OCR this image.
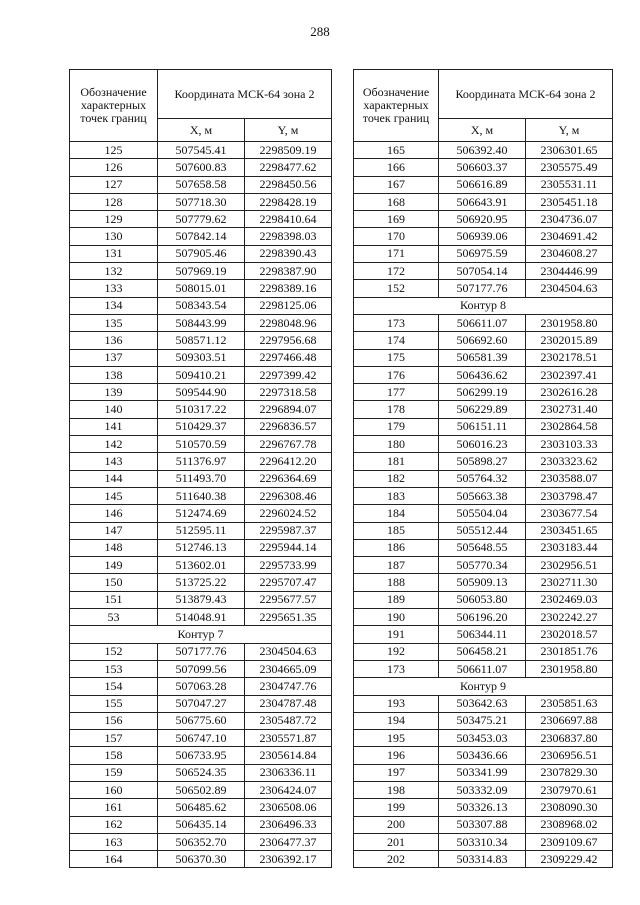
288
Обозначение характерных точек границ	Координата МСК-64 зона 2	
	X, м	Y, м
125	507545.41	2298509.19
126	507600.83	2298477.62
127	507658.58	2298450.56
128	507718.30	2298428.19
129	507779.62	2298410.64
130	507842.14	2298398.03
131	507905.46	2298390.43
132	507969.19	2298387.90
133	508015.01	2298389.16
134	508343.54	2298125.06
135	508443.99	2298048.96
136	508571.12	2297956.68
137	509303.51	2297466.48
138	509410.21	2297399.42
139	509544.90	2297318.58
140	510317.22	2296894.07
141	510429.37	2296836.57
142	510570.59	2296767.78
143	511376.97	2296412.20
144	511493.70	2296364.69
145	511640.38	2296308.46
146	512474.69	2296024.52
147	512595.11	2295987.37
148	512746.13	2295944.14
149	513602.01	2295733.99
150	513725.22	2295707.47
151	513879.43	2295677.57
53	514048.91	2295651.35
Контур 7		
152	507177.76	2304504.63
153	507099.56	2304665.09
154	507063.28	2304747.76
155	507047.27	2304787.48
156	506775.60	2305487.72
157	506747.10	2305571.87
158	506733.95	2305614.84
159	506524.35	2306336.11
160	506502.89	2306424.07
161	506485.62	2306508.06
162	506435.14	2306496.33
163	506352.70	2306477.37
164	506370.30	2306392.17
Обозначение характерных точек границ	Координата МСК-64 зона 2	
	X, м	Y, м
165	506392.40	2306301.65
166	506603.37	2305575.49
167	506616.89	2305531.11
168	506643.91	2305451.18
169	506920.95	2304736.07
170	506939.06	2304691.42
171	506975.59	2304608.27
172	507054.14	2304446.99
152	507177.76	2304504.63
Контур 8		
173	506611.07	2301958.80
174	506692.60	2302015.89
175	506581.39	2302178.51
176	506436.62	2302397.41
177	506299.19	2302616.28
178	506229.89	2302731.40
179	506151.11	2302864.58
180	506016.23	2303103.33
181	505898.27	2303323.62
182	505764.32	2303588.07
183	505663.38	2303798.47
184	505504.04	2303677.54
185	505512.44	2303451.65
186	505648.55	2303183.44
187	505770.34	2302956.51
188	505909.13	2302711.30
189	506053.80	2302469.03
190	506196.20	2302242.27
191	506344.11	2302018.57
192	506458.21	2301851.76
173	506611.07	2301958.80
Контур 9		
193	503642.63	2305851.63
194	503475.21	2306697.88
195	503453.03	2306837.80
196	503436.66	2306956.51
197	503341.99	2307829.30
198	503332.09	2307970.61
199	503326.13	2308090.30
200	503307.88	2308968.02
201	503310.34	2309109.67
202	503314.83	2309229.42
